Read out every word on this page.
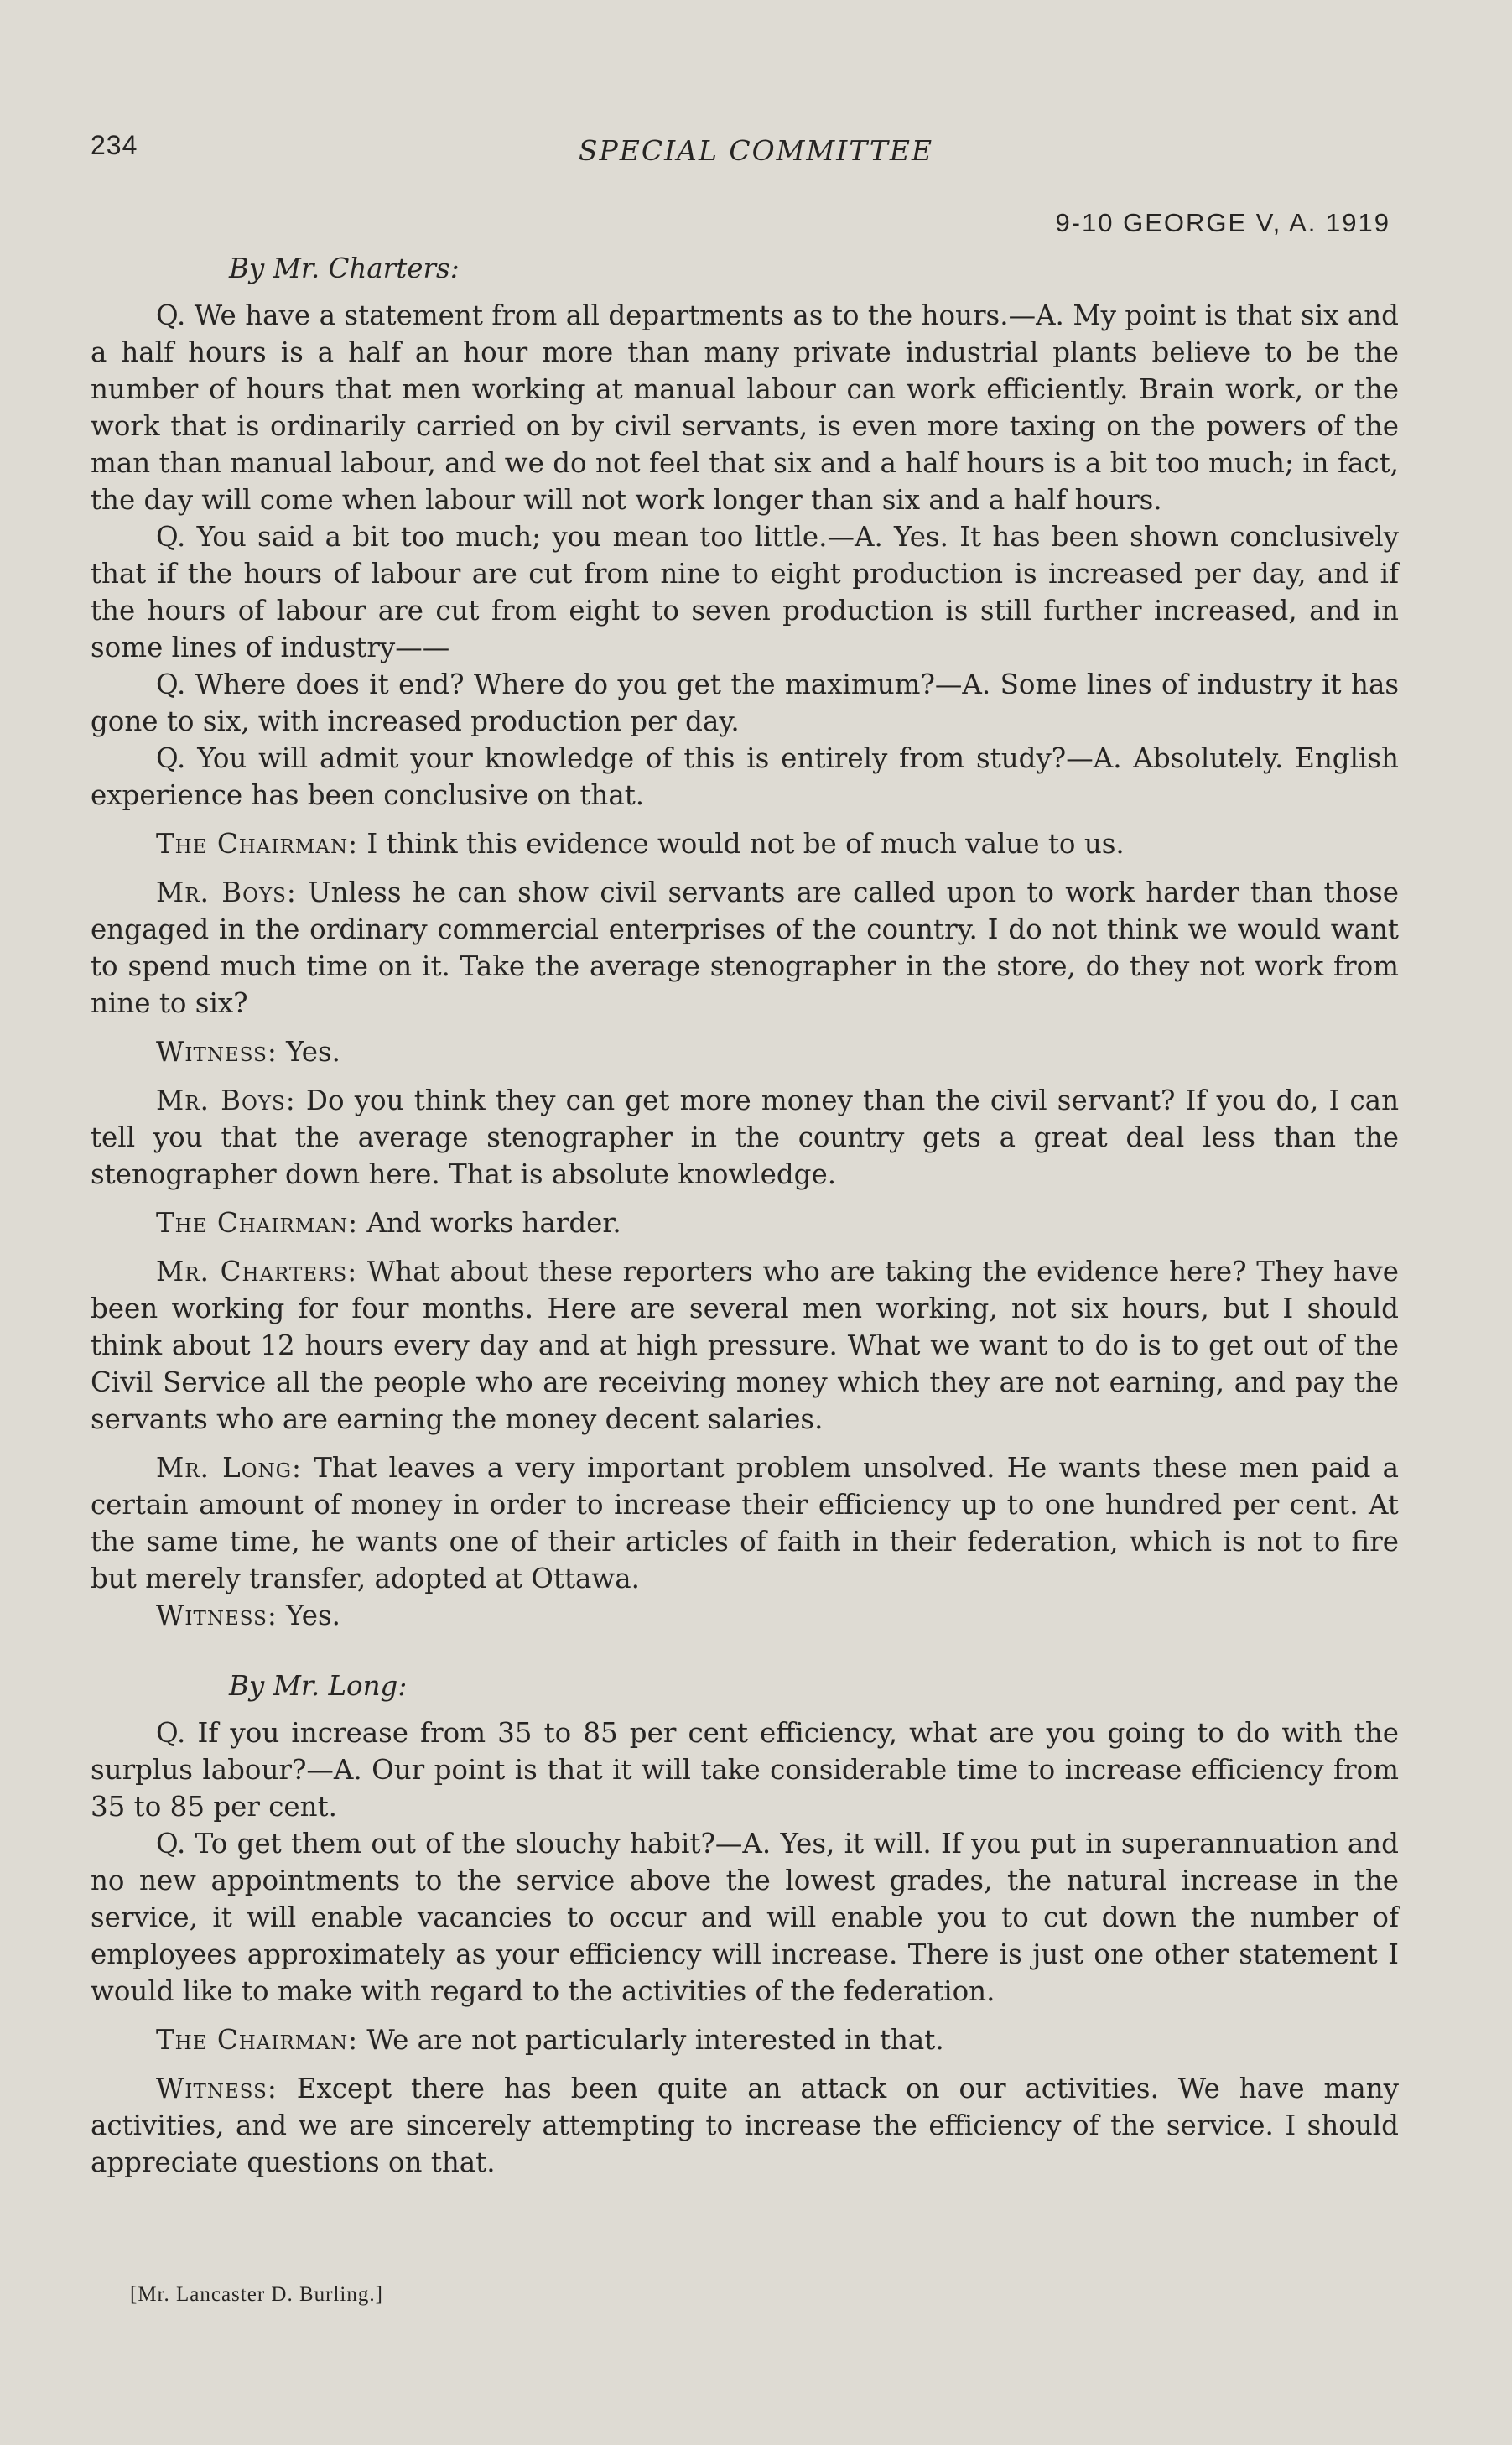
234	SPECIAL COMMITTEE
9-10 GEORGE V, A. 1919
By Mr. Charters:

Q. We have a statement from all departments as to the hours.—A. My point is that six and a half hours is a half an hour more than many private industrial plants believe to be the number of hours that men working at manual labour can work efficiently. Brain work, or the work that is ordinarily carried on by civil servants, is even more taxing on the powers of the man than manual labour, and we do not feel that six and a half hours is a bit too much; in fact, the day will come when labour will not work longer than six and a half hours.

Q. You said a bit too much; you mean too little.—A. Yes. It has been shown conclusively that if the hours of labour are cut from nine to eight production is increased per day, and if the hours of labour are cut from eight to seven production is still further increased, and in some lines of industry——

Q. Where does it end? Where do you get the maximum?—A. Some lines of industry it has gone to six, with increased production per day.

Q. You will admit your knowledge of this is entirely from study?—A. Absolutely. English experience has been conclusive on that.

The Chairman: I think this evidence would not be of much value to us.

Mr. Boys: Unless he can show civil servants are called upon to work harder than those engaged in the ordinary commercial enterprises of the country. I do not think we would want to spend much time on it. Take the average stenographer in the store, do they not work from nine to six?

Witness: Yes.

Mr. Boys: Do you think they can get more money than the civil servant? If you do, I can tell you that the average stenographer in the country gets a great deal less than the stenographer down here. That is absolute knowledge.

The Chairman: And works harder.

Mr. Charters: What about these reporters who are taking the evidence here? They have been working for four months. Here are several men working, not six hours, but I should think about 12 hours every day and at high pressure. What we want to do is to get out of the Civil Service all the people who are receiving money which they are not earning, and pay the servants who are earning the money decent salaries.

Mr. Long: That leaves a very important problem unsolved. He wants these men paid a certain amount of money in order to increase their efficiency up to one hundred per cent. At the same time, he wants one of their articles of faith in their federation, which is not to fire but merely transfer, adopted at Ottawa.

Witness: Yes.

By Mr. Long:

Q. If you increase from 35 to 85 per cent efficiency, what are you going to do with the surplus labour?—A. Our point is that it will take considerable time to increase efficiency from 35 to 85 per cent.

Q. To get them out of the slouchy habit?—A. Yes, it will. If you put in superannuation and no new appointments to the service above the lowest grades, the natural increase in the service, it will enable vacancies to occur and will enable you to cut down the number of employees approximately as your efficiency will increase. There is just one other statement I would like to make with regard to the activities of the federation.

The Chairman: We are not particularly interested in that.

Witness: Except there has been quite an attack on our activities. We have many activities, and we are sincerely attempting to increase the efficiency of the service. I should appreciate questions on that.

[Mr. Lancaster D. Burling.]
